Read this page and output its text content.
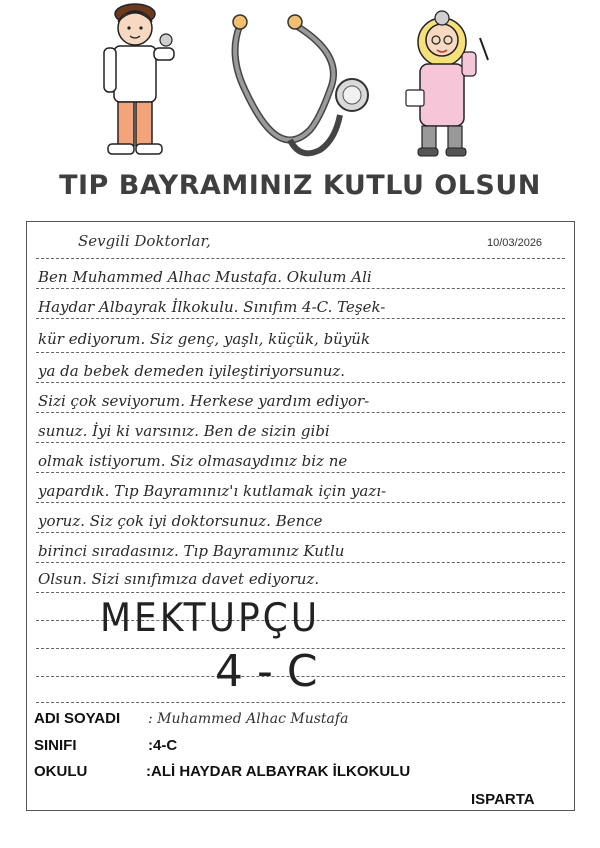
TIP BAYRAMINIZ KUTLU OLSUN
Sevgili Doktorlar,	10/03/2026
Ben Muhammed Alhac Mustafa. Okulum Ali
Haydar Albayrak İlkokulu. Sınıfım 4-C. Teşek-
kür ediyorum. Siz genç, yaşlı, küçük, büyük
ya da bebek demeden iyileştiriyorsunuz.
Sizi çok seviyorum. Herkese yardım ediyor-
sunuz. İyi ki varsınız. Ben de sizin gibi
olmak istiyorum. Siz olmasaydınız biz ne
yapardık. Tıp Bayramınız'ı kutlamak için yazı-
yoruz. Siz çok iyi doktorsunuz. Bence
birinci sıradasınız. Tıp Bayramınız Kutlu
Olsun. Sizi sınıfımıza davet ediyoruz.
MEKTUPÇU
4-C
ADI SOYADI : Muhammed Alhac Mustafa
SINIFI	:4-C
OKULU	:ALİ HAYDAR ALBAYRAK İLKOKULU
ISPARTA
